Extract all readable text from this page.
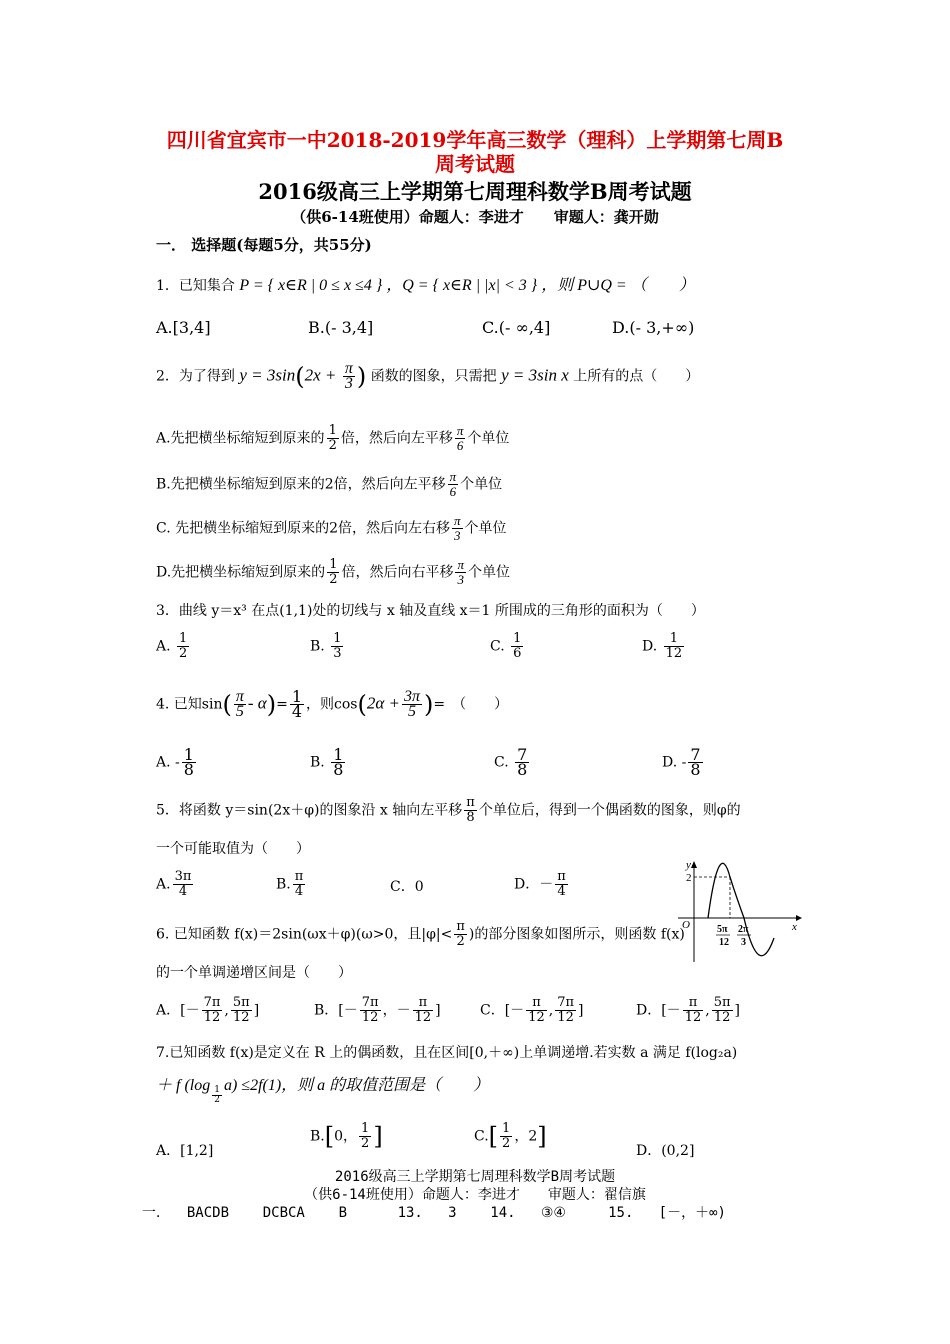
四川省宜宾市一中2018-2019学年高三数学（理科）上学期第七周B
周考试题
2016级高三上学期第七周理科数学B周考试题
（供6-14班使用）命题人：李进才　　审题人：龚开勋
一． 选择题(每题5分，共55分)
1．已知集合 P = { x∈R | 0 ≤ x ≤4 } ，Q = { x∈R | |x| < 3 } ，则 P∪Q = （　　）
A.[3,4]	B.(- 3,4]	C.(- ∞,4]	D.(- 3,+∞)
2．为了得到 $y = 3\sin(2x + \frac{\pi}{3}$ ) 函数的图象，只需把 y = 3sin x 上所有的点（　　）
A.先把横坐标缩短到原来的 $\frac{1}{2}$ 倍，然后向左平移 $\frac{\pi}{6}$ 个单位
B.先把横坐标缩短到原来的2倍，然后向左平移 $\frac{\pi}{6}$ 个单位
C. 先把横坐标缩短到原来的2倍，然后向左右移 $\frac{\pi}{3}$ 个单位
D.先把横坐标缩短到原来的 $\frac{1}{2}$ 倍，然后向右平移 $\frac{\pi}{3}$ 个单位
3．曲线 y＝x³ 在点(1,1)处的切线与 x 轴及直线 x＝1 所围成的三角形的面积为（　　）
A. $\frac{1}{2}$	B. $\frac{1}{3}$	C. $\frac{1}{6}$	D. $\frac{1}{12}$
4. 已知$\sin( \frac{\pi}{5} - \alpha)= \frac{1}{4}$ ，则$\cos(2\alpha + \frac{3\pi}{5}$ )=　（　　）
A. - $\frac{1}{8}$	B. $\frac{1}{8}$	C. $\frac{7}{8}$	D. - $\frac{7}{8}$
5．将函数 y＝sin(2x＋φ)的图象沿 x 轴向左平移 $\frac{\pi}{8}$ 个单位后，得到一个偶函数的图象，则φ的
一个可能取值为（　　）
A. $\frac{3\pi}{4}$	B. $\frac{\pi}{4}$	C．0	D．－ $\frac{\pi}{4}$
y
x
O
2
5π
12
2π
3
6. 已知函数 f(x)＝2sin(ωx＋φ)(ω>0，且$|\varphi|< \frac{\pi}{2}$ )的部分图象如图所示，则函数 f(x)
的一个单调递增区间是（　　）
A．[－ $\frac{7\pi}{12}$ , $\frac{5\pi}{12}$ ]	B．[－ $\frac{7\pi}{12}$ ，－ $\frac{\pi}{12}$ ]	C．[－ $\frac{\pi}{12}$ , $\frac{7\pi}{12}$ ]	D．[－ $\frac{\pi}{12}$ , $\frac{5\pi}{12}$ ]
7.已知函数 f(x)是定义在 R 上的偶函数，且在区间[0,＋∞)上单调递增.若实数 a 满足 f(log₂a)
＋ f (log
$\frac{1}{2}$
a) ≤2f(1)，则 a 的取值范围是（　　）
A．[1,2]
B.[0， $\frac{1}{2}$ ]	$C.[ \frac{1}{2}$ ，2]
D．(0,2]
2016级高三上学期第七周理科数学B周考试题
（供6-14班使用）命题人：李进才　　审题人：翟信旗
一．  BACDB    DCBCA    B      13.   3    14.   ③④     15.   [－，＋∞)
